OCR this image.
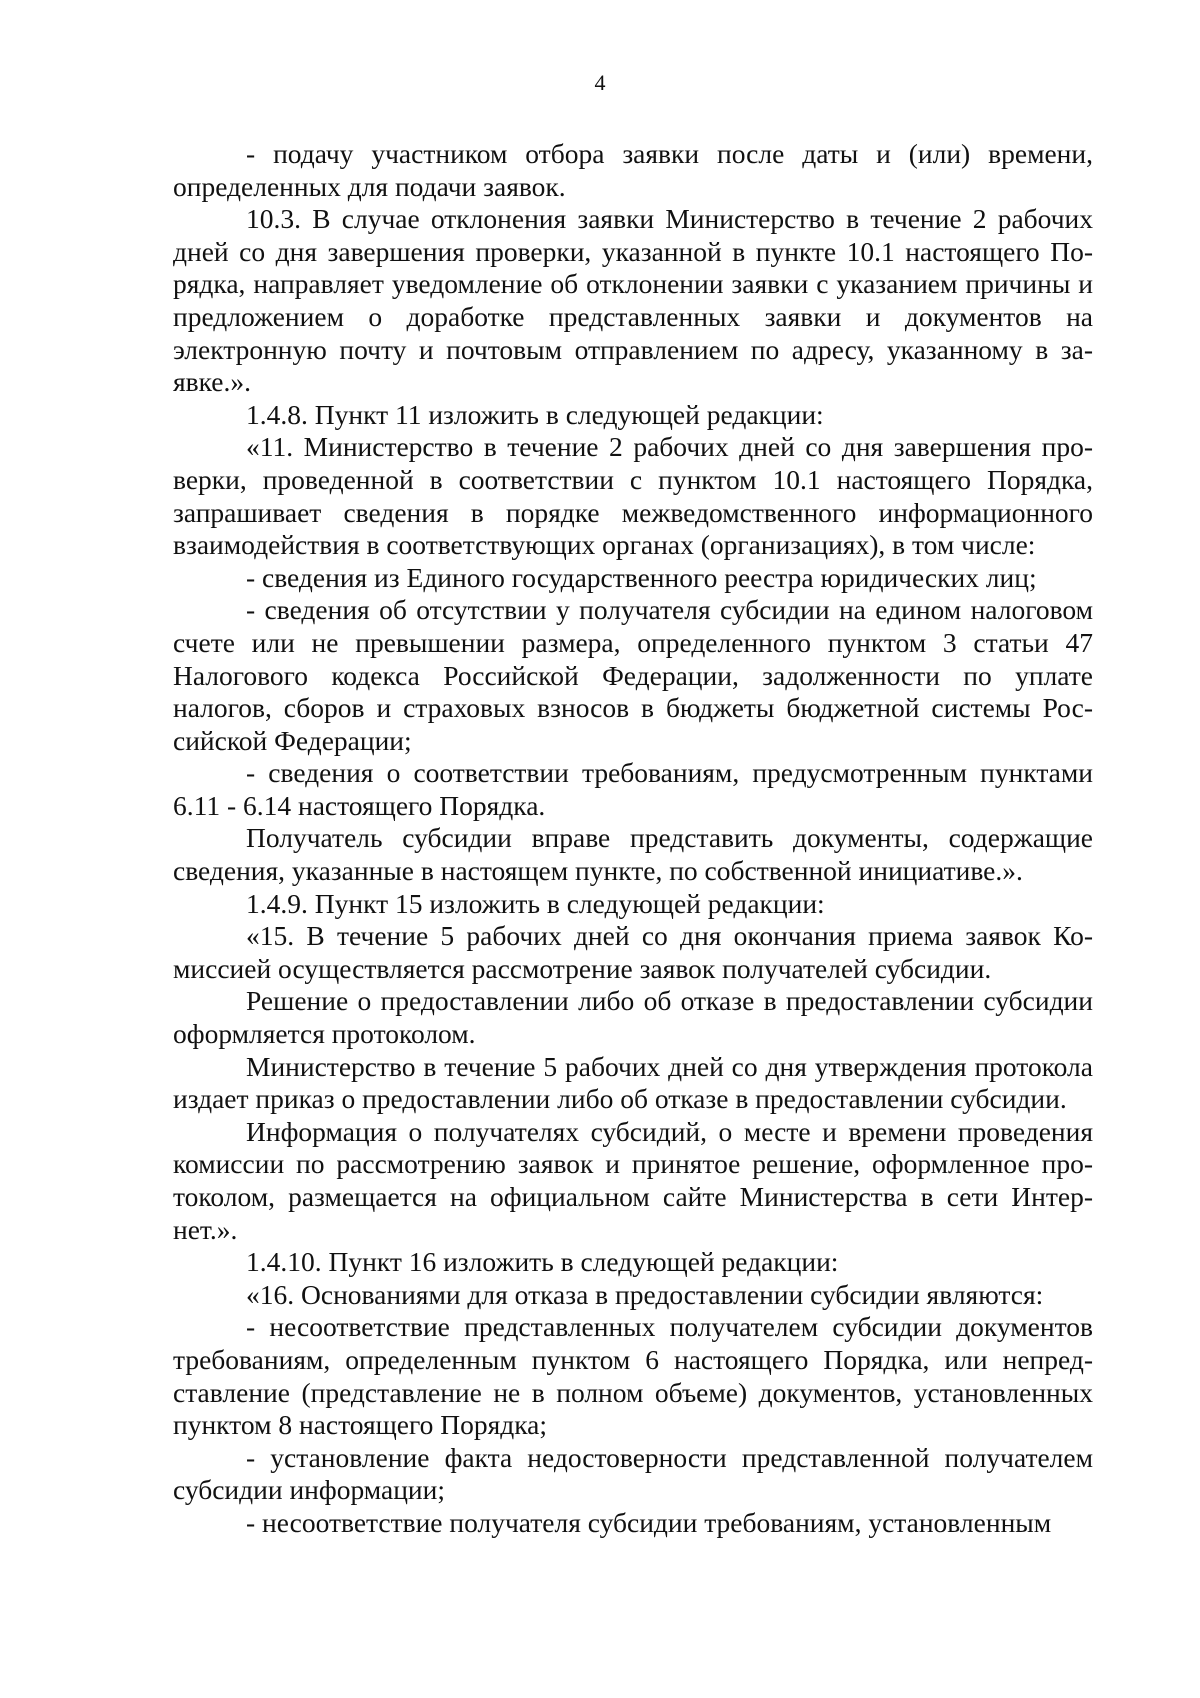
4

- подачу участником отбора заявки после даты и (или) времени, определенных для подачи заявок.

10.3. В случае отклонения заявки Министерство в течение 2 рабочих дней со дня завершения проверки, указанной в пункте 10.1 настоящего Порядка, направляет уведомление об отклонении заявки с указанием причины и предложением о доработке представленных заявки и документов на электронную почту и почтовым отправлением по адресу, указанному в заявке.».

1.4.8. Пункт 11 изложить в следующей редакции:

«11. Министерство в течение 2 рабочих дней со дня завершения проверки, проведенной в соответствии с пунктом 10.1 настоящего Порядка, запрашивает сведения в порядке межведомственного информационного взаимодействия в соответствующих органах (организациях), в том числе:

- сведения из Единого государственного реестра юридических лиц;

- сведения об отсутствии у получателя субсидии на едином налоговом счете или не превышении размера, определенного пунктом 3 статьи 47 Налогового кодекса Российской Федерации, задолженности по уплате налогов, сборов и страховых взносов в бюджеты бюджетной системы Российской Федерации;

- сведения о соответствии требованиям, предусмотренным пунктами 6.11 - 6.14 настоящего Порядка.

Получатель субсидии вправе представить документы, содержащие сведения, указанные в настоящем пункте, по собственной инициативе.».

1.4.9. Пункт 15 изложить в следующей редакции:

«15. В течение 5 рабочих дней со дня окончания приема заявок Комиссией осуществляется рассмотрение заявок получателей субсидии.

Решение о предоставлении либо об отказе в предоставлении субсидии оформляется протоколом.

Министерство в течение 5 рабочих дней со дня утверждения протокола издает приказ о предоставлении либо об отказе в предоставлении субсидии.

Информация о получателях субсидий, о месте и времени проведения комиссии по рассмотрению заявок и принятое решение, оформленное протоколом, размещается на официальном сайте Министерства в сети Интернет.».

1.4.10. Пункт 16 изложить в следующей редакции:

«16. Основаниями для отказа в предоставлении субсидии являются:

- несоответствие представленных получателем субсидии документов требованиям, определенным пунктом 6 настоящего Порядка, или непредставление (представление не в полном объеме) документов, установленных пунктом 8 настоящего Порядка;

- установление факта недостоверности представленной получателем субсидии информации;

- несоответствие получателя субсидии требованиям, установленным
